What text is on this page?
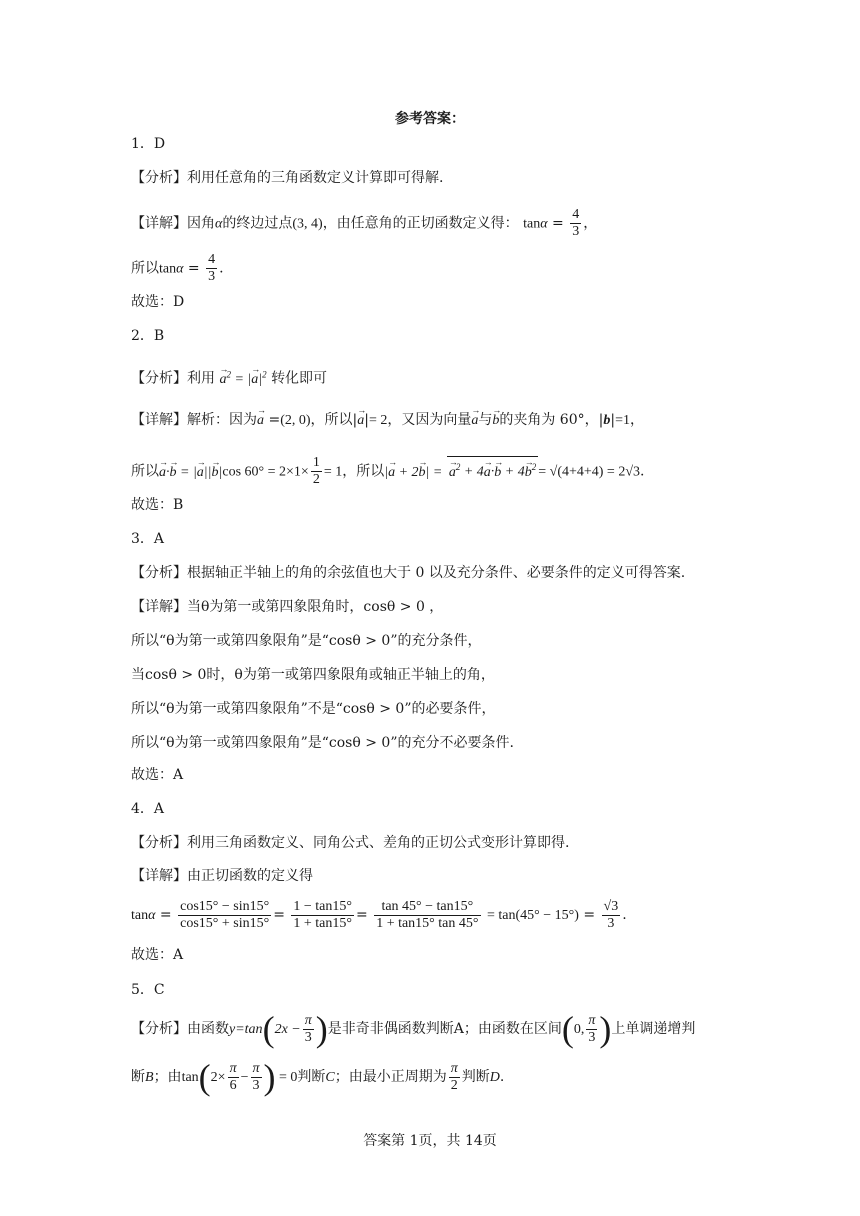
参考答案：
1．D
【分析】利用任意角的三角函数定义计算即可得解.
【详解】因角α的终边过点(3, 4)，由任意角的正切函数定义得： $\tan\alpha = \frac{4}{3}$ ，
所以$\tan\alpha = \frac{4}{3}$ .
故选：D
2．B
【分析】利用 → $a^2$ = |→ $a|^2$ 转化即可
【详解】解析：因为→ a =(2, 0)，所以|→ a|= 2，又因为向量→ a与→ b的夹角为 60°，|b|=1，
所以→ a·→ b = |→ a||→ b|cos $60^\circ = 2\times 1\times \frac{1}{2} = 1$，所以|→ a + 2→ b| = → $a^2 + 4\to a\cdot\to b + 4\to b^2 = √(4+4+4) = 2√3$.
故选：B
3．A
【分析】根据轴正半轴上的角的余弦值也大于 0 以及充分条件、必要条件的定义可得答案.
【详解】当θ为第一或第四象限角时，cosθ > 0 ，
所以“θ为第一或第四象限角”是“cosθ > 0”的充分条件，
当cosθ > 0时，θ为第一或第四象限角或轴正半轴上的角，
所以“θ为第一或第四象限角”不是“cosθ > 0”的必要条件，
所以“θ为第一或第四象限角”是“cosθ > 0”的充分不必要条件.
故选：A
4．A
【分析】利用三角函数定义、同角公式、差角的正切公式变形计算即得.
【详解】由正切函数的定义得
$\tan\alpha = \frac{\cos 15^\circ - \sin 15^\circ}{\cos 15^\circ + \sin 15^\circ} = \frac{1 - \tan 15^\circ}{1 + \tan 15^\circ} = \frac{\tan 45^\circ - \tan 15^\circ}{1 + \tan 15^\circ \tan 45^\circ} = \tan(45^\circ - 15^\circ) = \frac{√3}{3}$ .
故选：A
5．C
【分析】由函数$y=\tan(2x - \frac{\pi}{3}$ )是非奇非偶函数判断A；由函数在区间(0, $\frac{\pi}{3}$ )上单调递增判
断B；由$\tan(2\times \frac{\pi}{6} - \frac{\pi}{3}$ ) = 0判断C；由最小正周期为 $\frac{\pi}{2}$ 判断D.
答案第 1页，共 14页
